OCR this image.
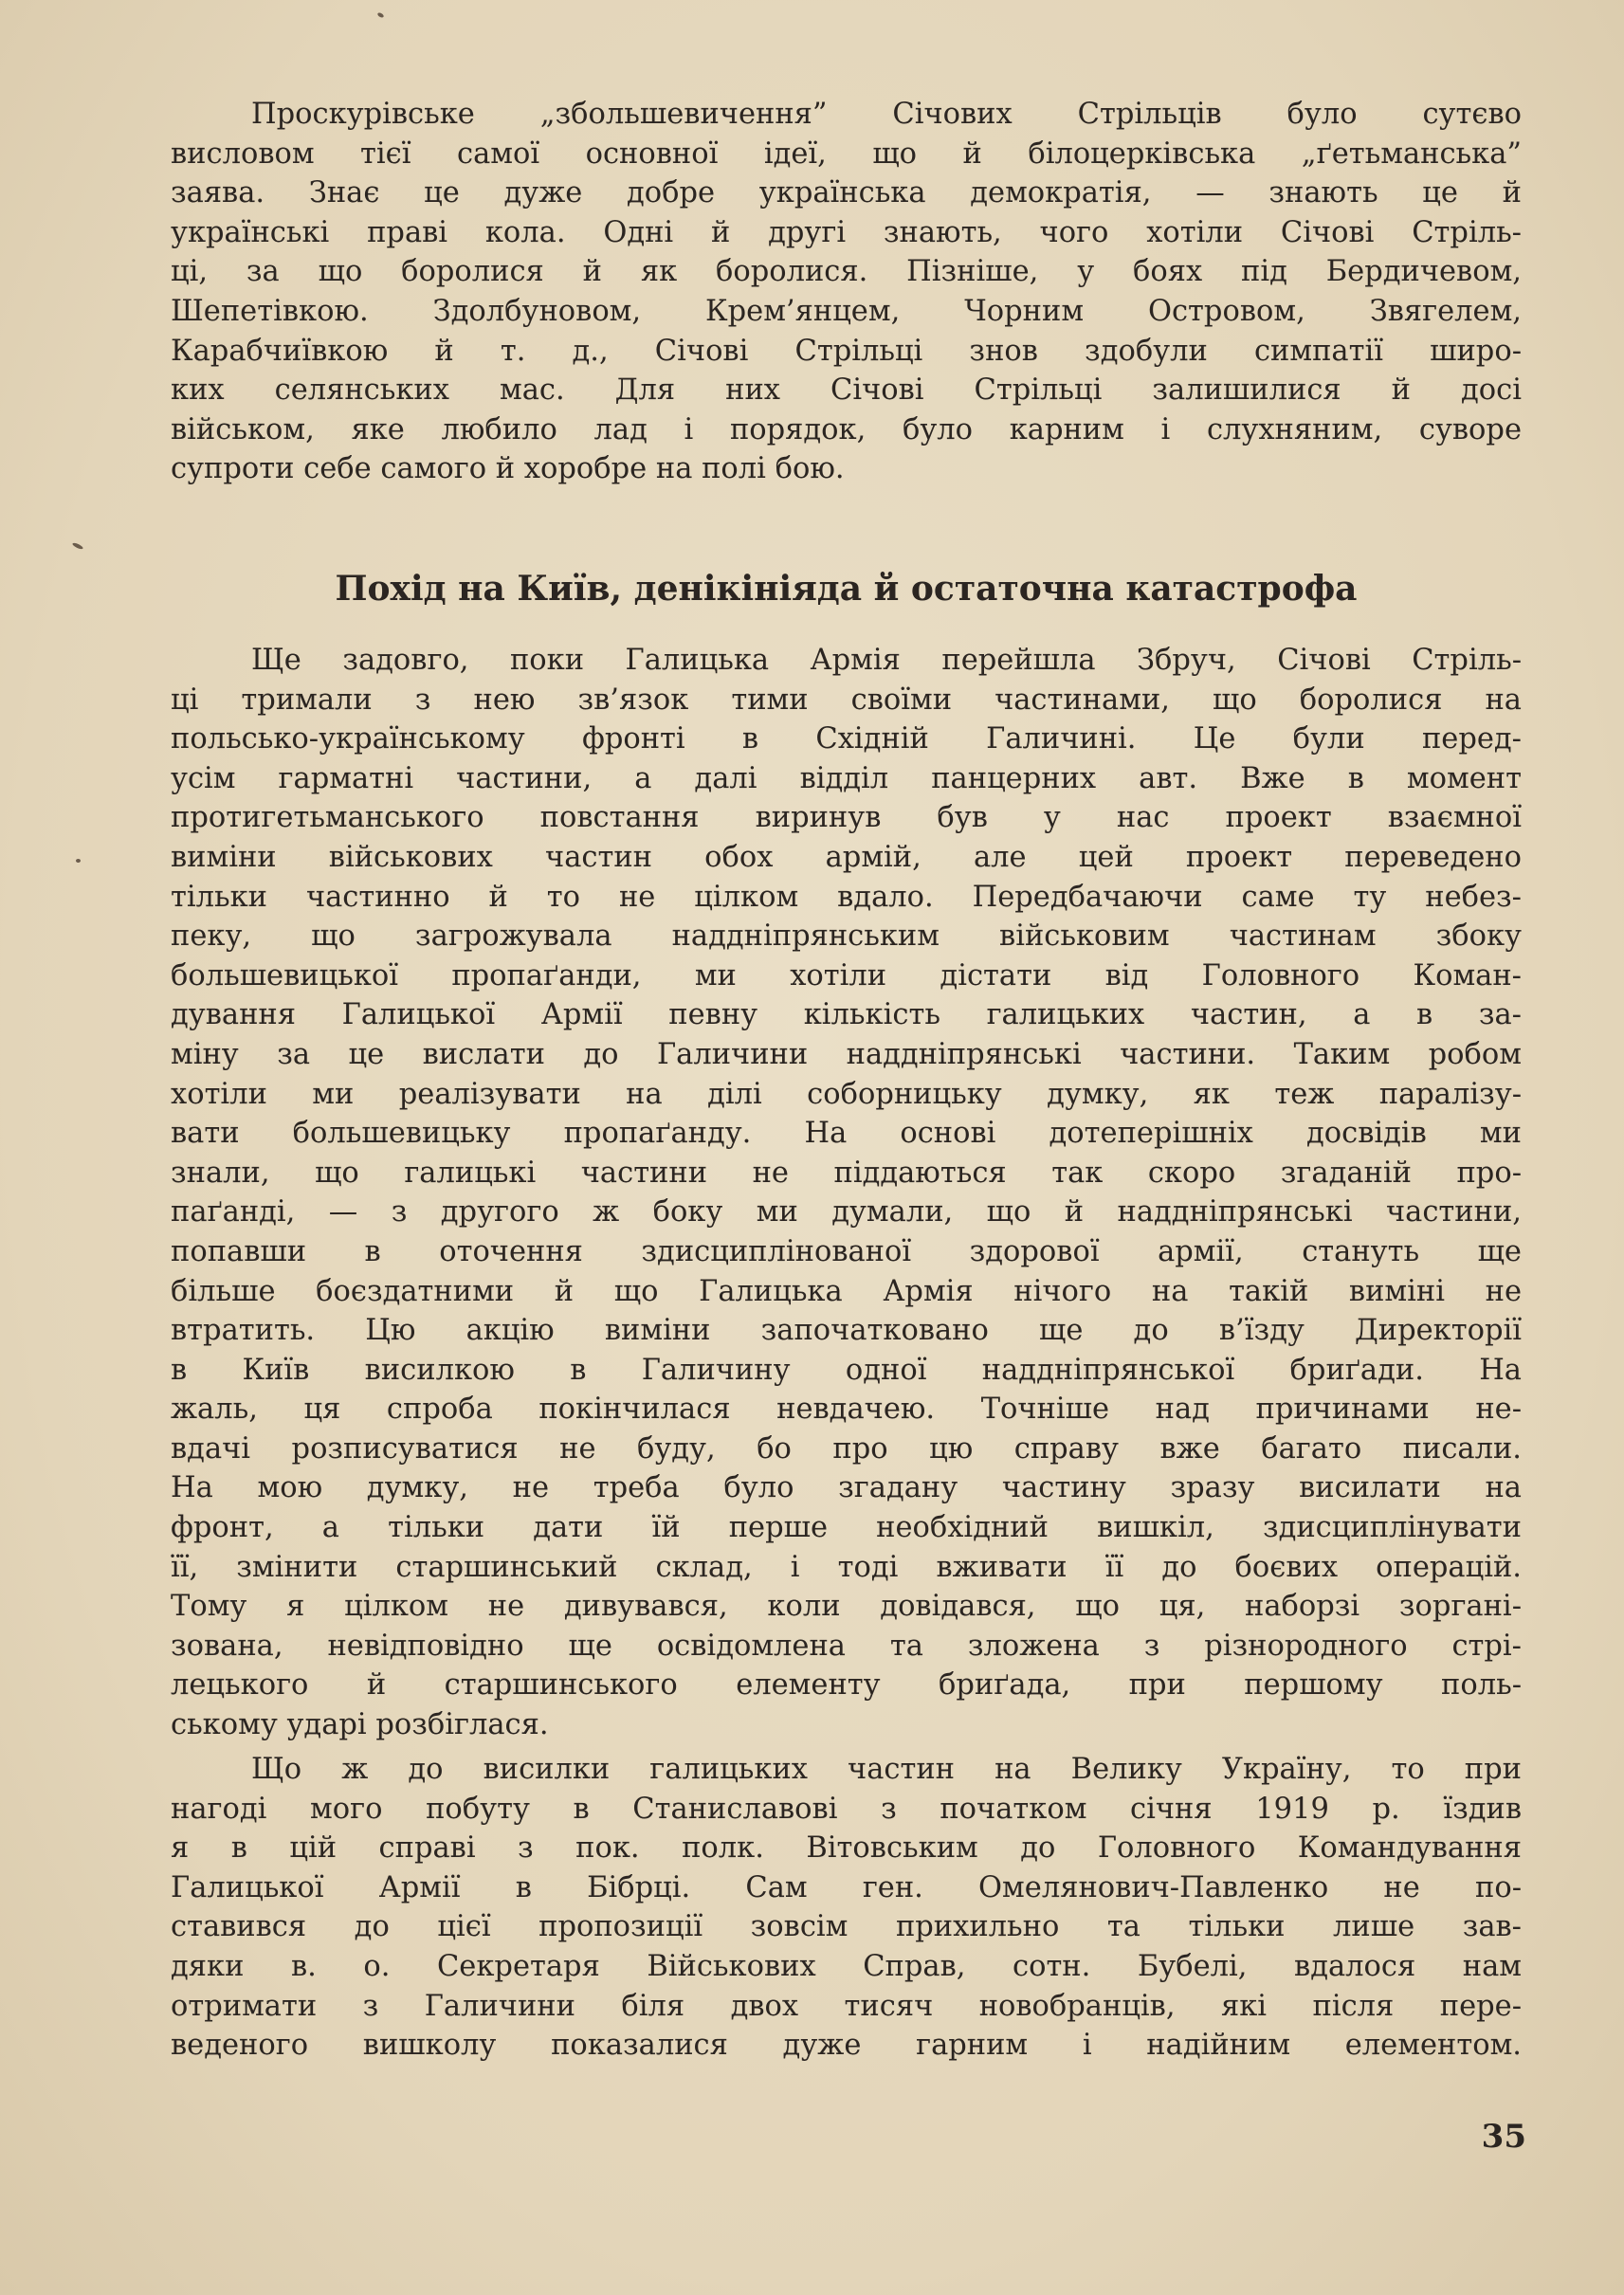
Проскурівське „збольшевичення” Січових Стрільців було сутєво
висловом тієї самої основної ідеї, що й білоцерківська „ґетьманська”
заява. Знає це дуже добре українська демократія, — знають це й
українські праві кола. Одні й другі знають, чого хотіли Січові Стріль-
ці, за що боролися й як боролися. Пізніше, у боях під Бердичевом,
Шепетівкою. Здолбуновом, Крем’янцем, Чорним Островом, Звягелем,
Карабчиївкою й т. д., Січові Стрільці знов здобули симпатії широ-
ких селянських мас. Для них Січові Стрільці залишилися й досі
військом, яке любило лад і порядок, було карним і слухняним, суворе
супроти себе самого й хоробре на полі бою.
Похід на Київ, денікініяда й остаточна катастрофа
Ще задовго, поки Галицька Армія перейшла Збруч, Січові Стріль-
ці тримали з нею зв’язок тими своїми частинами, що боролися на
польсько-українському фронті в Східній Галичині. Це були перед-
усім гарматні частини, а далі відділ панцерних авт. Вже в момент
протигетьманського повстання виринув був у нас проект взаємної
виміни військових частин обох армій, але цей проект переведено
тільки частинно й то не цілком вдало. Передбачаючи саме ту небез-
пеку, що загрожувала наддніпрянським військовим частинам збоку
большевицької пропаґанди, ми хотіли дістати від Головного Коман-
дування Галицької Армії певну кількість галицьких частин, а в за-
міну за це вислати до Галичини наддніпрянські частини. Таким робом
хотіли ми реалізувати на ділі соборницьку думку, як теж паралізу-
вати большевицьку пропаґанду. На основі дотеперішніх досвідів ми
знали, що галицькі частини не піддаються так скоро згаданій про-
паґанді, — з другого ж боку ми думали, що й наддніпрянські частини,
попавши в оточення здисциплінованої здорової армії, стануть ще
більше боєздатними й що Галицька Армія нічого на такій виміні не
втратить. Цю акцію виміни започатковано ще до в’їзду Директорії
в Київ висилкою в Галичину одної наддніпрянської бриґади. На
жаль, ця спроба покінчилася невдачею. Точніше над причинами не-
вдачі розписуватися не буду, бо про цю справу вже багато писали.
На мою думку, не треба було згадану частину зразу висилати на
фронт, а тільки дати їй перше необхідний вишкіл, здисциплінувати
її, змінити старшинський склад, і тоді вживати її до боєвих операцій.
Тому я цілком не дивувався, коли довідався, що ця, наборзі зорганi-
зована, невідповідно ще освідомлена та зложена з різнородного стрі-
лецького й старшинського елементу бриґада, при першому поль-
ському ударі розбіглася.
Що ж до висилки галицьких частин на Велику Україну, то при
нагоді мого побуту в Станиславові з початком січня 1919 р. їздив
я в цій справі з пок. полк. Вітовським до Головного Командування
Галицької Армії в Бібрці. Сам ген. Омелянович-Павленко не по-
ставився до цієї пропозиції зовсім прихильно та тільки лише зав-
дяки в. о. Секретаря Військових Справ, сотн. Бубелі, вдалося нам
отримати з Галичини біля двох тисяч новобранців, які після пере-
веденого вишколу показалися дуже гарним і надійним елементом.
35
